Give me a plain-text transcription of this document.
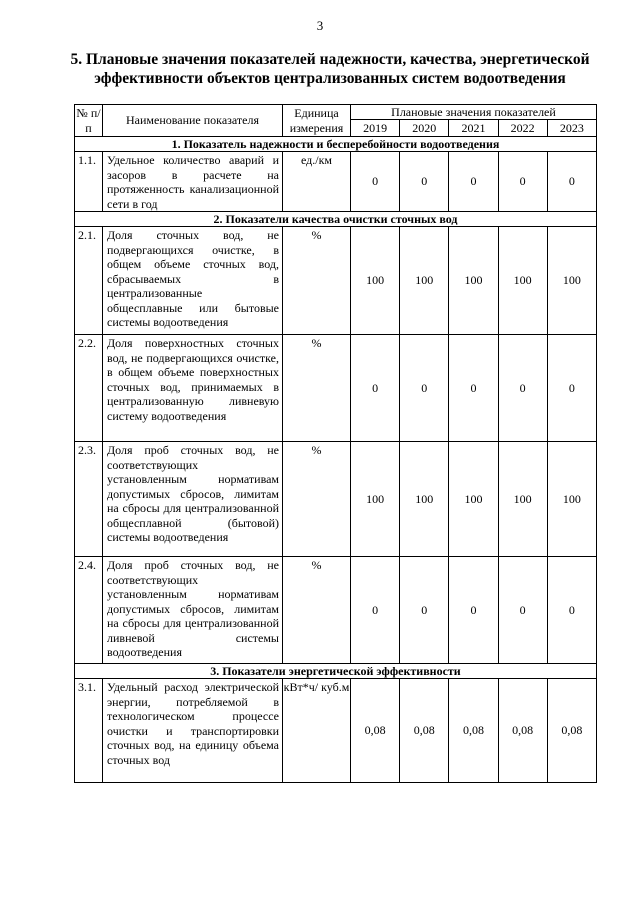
3
5. Плановые значения показателей надежности, качества, энергетической эффективности объектов централизованных систем водоотведения
№ п/п	Наименование показателя	Единица измерения	Плановые значения показателей				
			2019	2020	2021	2022	2023
1. Показатель надежности и бесперебойности водоотведения							
1.1.	Удельное количество аварий и засоров в расчете на протяженность канализационной сети в год	ед./км	0	0	0	0	0
2. Показатели качества очистки сточных вод							
2.1.	Доля сточных вод, не подвергающихся очистке, в общем объеме сточных вод, сбрасываемых в централизованные общесплавные или бытовые системы водоотведения	%	100	100	100	100	100
2.2.	Доля поверхностных сточных вод, не подвергающихся очистке, в общем объеме поверхностных сточных вод, принимаемых в централизованную ливневую систему водоотведения	%	0	0	0	0	0
2.3.	Доля проб сточных вод, не соответствующих установленным нормативам допустимых сбросов, лимитам на сбросы для централизованной общесплавной (бытовой) системы водоотведения	%	100	100	100	100	100
2.4.	Доля проб сточных вод, не соответствующих установленным нормативам допустимых сбросов, лимитам на сбросы для централизованной ливневой системы водоотведения	%	0	0	0	0	0
3. Показатели энергетической эффективности							
3.1.	Удельный расход электрической энергии, потребляемой в технологическом процессе очистки и транспортировки сточных вод, на единицу объема сточных вод	кВт*ч/ куб.м	0,08	0,08	0,08	0,08	0,08
